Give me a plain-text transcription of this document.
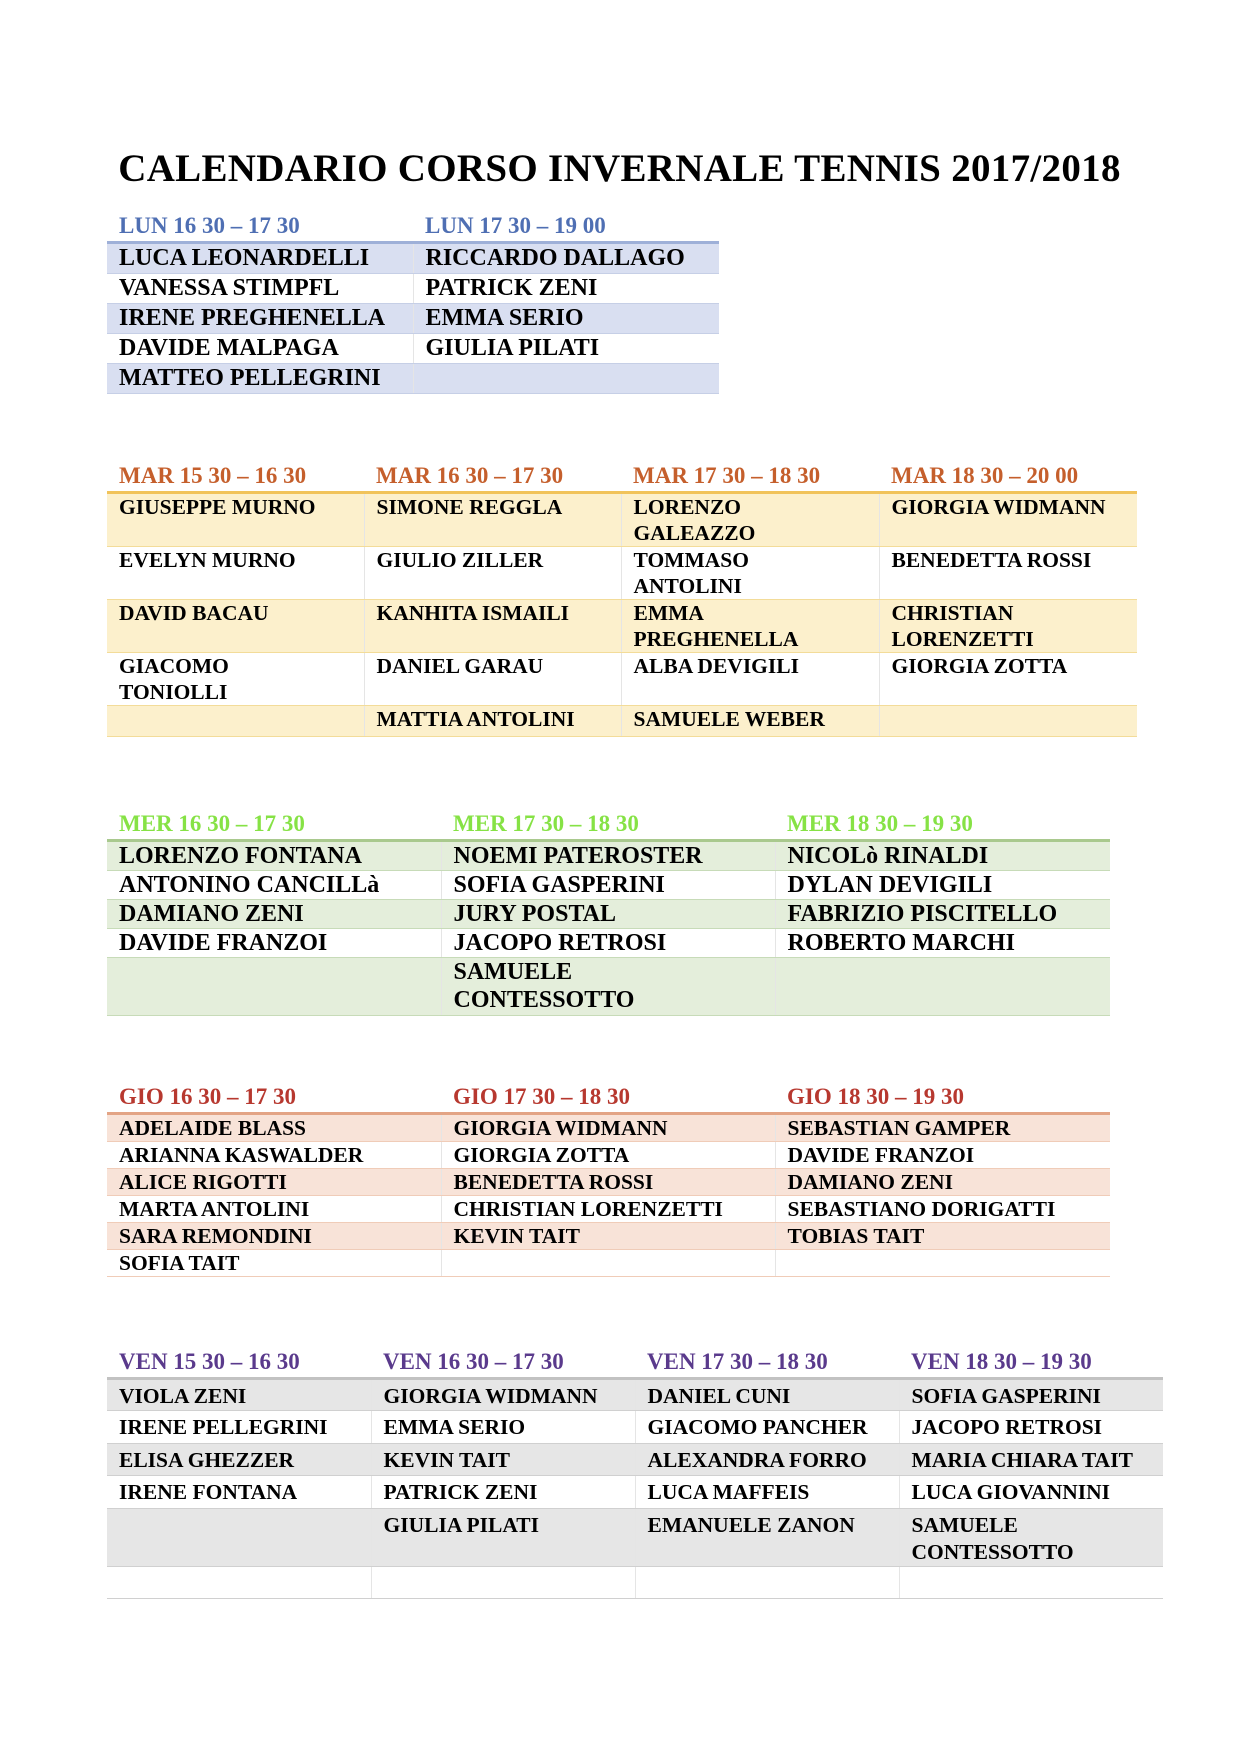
CALENDARIO CORSO INVERNALE TENNIS 2017/2018
LUN 16 30 – 17 30	LUN 17 30 – 19 00
LUCA LEONARDELLI	RICCARDO DALLAGO
VANESSA STIMPFL	PATRICK ZENI
IRENE PREGHENELLA	EMMA SERIO
DAVIDE MALPAGA	GIULIA PILATI
MATTEO PELLEGRINI	
MAR 15 30 – 16 30	MAR 16 30 – 17 30	MAR 17 30 – 18 30	MAR 18 30 – 20 00
GIUSEPPE MURNO	SIMONE REGGLA	LORENZO GALEAZZO	GIORGIA WIDMANN
EVELYN MURNO	GIULIO ZILLER	TOMMASO ANTOLINI	BENEDETTA ROSSI
DAVID BACAU	KANHITA ISMAILI	EMMA PREGHENELLA	CHRISTIAN LORENZETTI
GIACOMO TONIOLLI	DANIEL GARAU	ALBA DEVIGILI	GIORGIA ZOTTA
	MATTIA ANTOLINI	SAMUELE WEBER	
MER 16 30 – 17 30	MER 17 30 – 18 30	MER 18 30 – 19 30
LORENZO FONTANA	NOEMI PATEROSTER	NICOLò RINALDI
ANTONINO CANCILLà	SOFIA GASPERINI	DYLAN DEVIGILI
DAMIANO ZENI	JURY POSTAL	FABRIZIO PISCITELLO
DAVIDE FRANZOI	JACOPO RETROSI	ROBERTO MARCHI
	SAMUELE CONTESSOTTO	
GIO 16 30 – 17 30	GIO 17 30 – 18 30	GIO 18 30 – 19 30
ADELAIDE BLASS	GIORGIA WIDMANN	SEBASTIAN GAMPER
ARIANNA KASWALDER	GIORGIA ZOTTA	DAVIDE FRANZOI
ALICE RIGOTTI	BENEDETTA ROSSI	DAMIANO ZENI
MARTA ANTOLINI	CHRISTIAN LORENZETTI	SEBASTIANO DORIGATTI
SARA REMONDINI	KEVIN TAIT	TOBIAS TAIT
SOFIA TAIT		
VEN 15 30 – 16 30	VEN 16 30 – 17 30	VEN 17 30 – 18 30	VEN 18 30 – 19 30
VIOLA ZENI	GIORGIA WIDMANN	DANIEL CUNI	SOFIA GASPERINI
IRENE PELLEGRINI	EMMA SERIO	GIACOMO PANCHER	JACOPO RETROSI
ELISA GHEZZER	KEVIN TAIT	ALEXANDRA FORRO	MARIA CHIARA TAIT
IRENE FONTANA	PATRICK ZENI	LUCA MAFFEIS	LUCA GIOVANNINI
	GIULIA PILATI	EMANUELE ZANON	SAMUELE CONTESSOTTO
